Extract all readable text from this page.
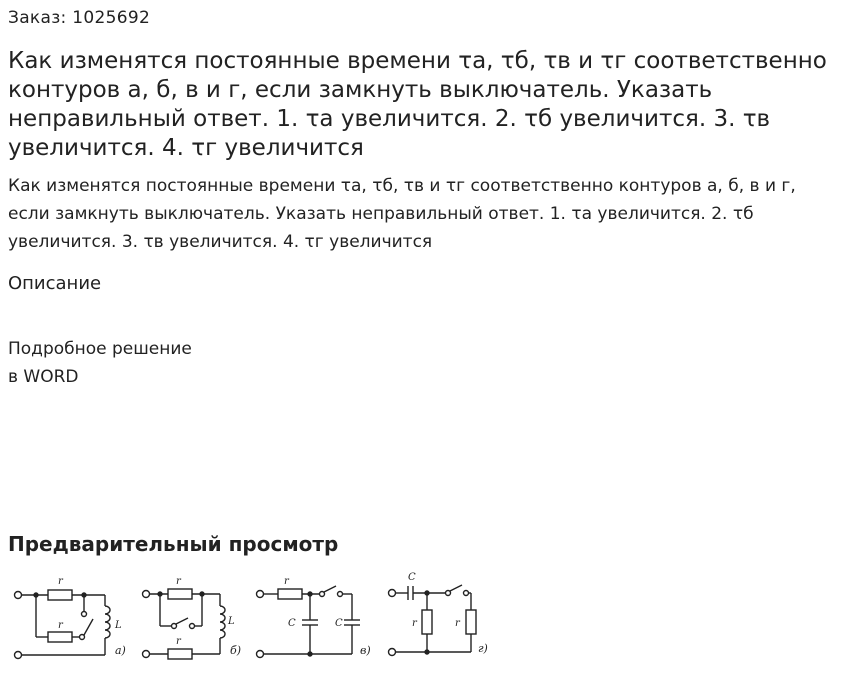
Заказ: 1025692
Как изменятся постоянные времени τа, τб, τв и τг соответственно контуров а, б, в и г, если замкнуть выключатель. Указать неправильный ответ. 1. τа увеличится. 2. τб увеличится. 3. τв увеличится. 4. τг увеличится

Как изменятся постоянные времени τа, τб, τв и τг соответственно контуров а, б, в и г, если замкнуть выключатель. Указать неправильный ответ. 1. τа увеличится. 2. τб увеличится. 3. τв увеличится. 4. τг увеличится

Описание
Подробное решение
в WORD
Предварительный просмотр
r
r	L
а)
r
r
L
б)
r
C	C
в)
C
r	r
г)
